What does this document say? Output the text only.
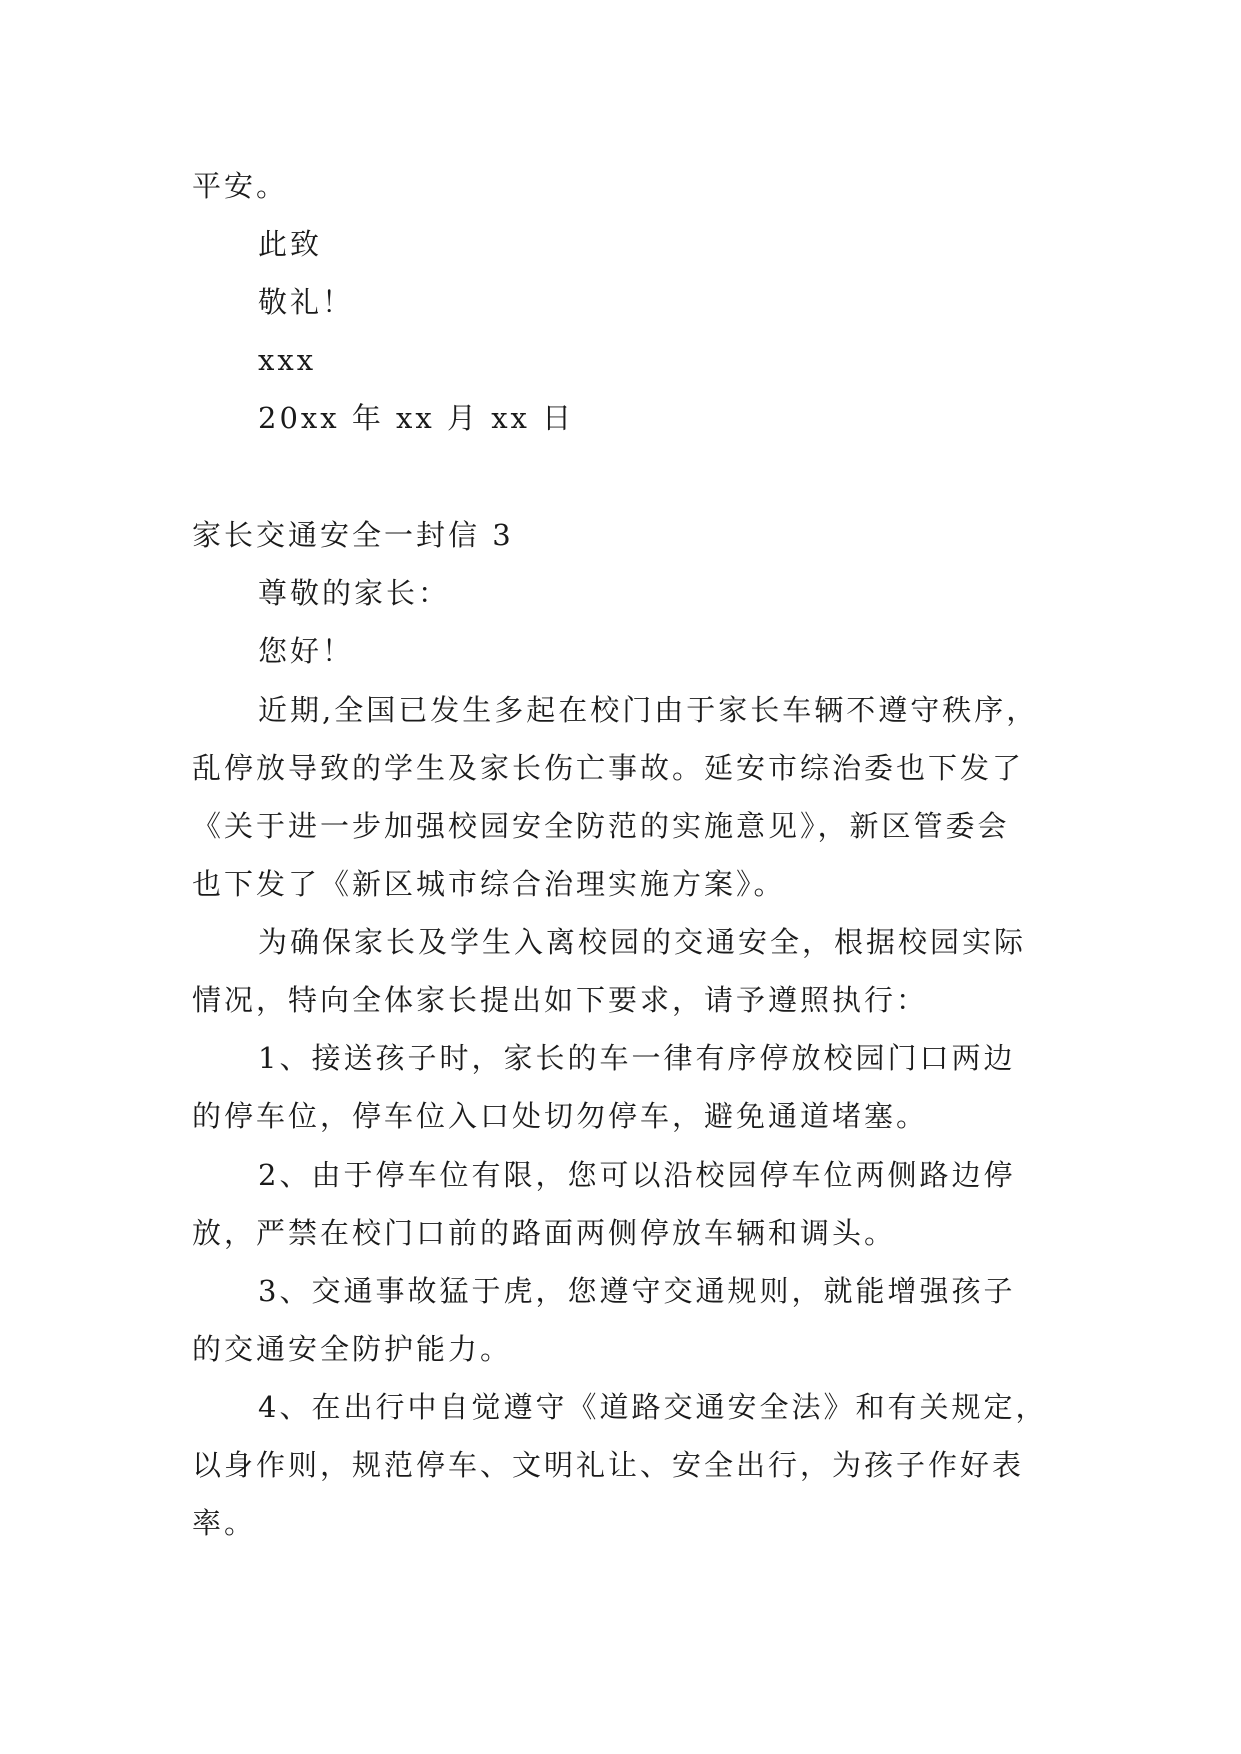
平安。
此致
敬礼！
xxx
20xx 年 xx 月 xx 日
家长交通安全一封信 3
尊敬的家长：
您好！
近期,全国已发生多起在校门由于家长车辆不遵守秩序，
乱停放导致的学生及家长伤亡事故。延安市综治委也下发了
《关于进一步加强校园安全防范的实施意见》，新区管委会
也下发了《新区城市综合治理实施方案》。
为确保家长及学生入离校园的交通安全，根据校园实际
情况，特向全体家长提出如下要求，请予遵照执行：
1、接送孩子时，家长的车一律有序停放校园门口两边
的停车位，停车位入口处切勿停车，避免通道堵塞。
2、由于停车位有限，您可以沿校园停车位两侧路边停
放，严禁在校门口前的路面两侧停放车辆和调头。
3、交通事故猛于虎，您遵守交通规则，就能增强孩子
的交通安全防护能力。
4、在出行中自觉遵守《道路交通安全法》和有关规定，
以身作则，规范停车、文明礼让、安全出行，为孩子作好表
率。
